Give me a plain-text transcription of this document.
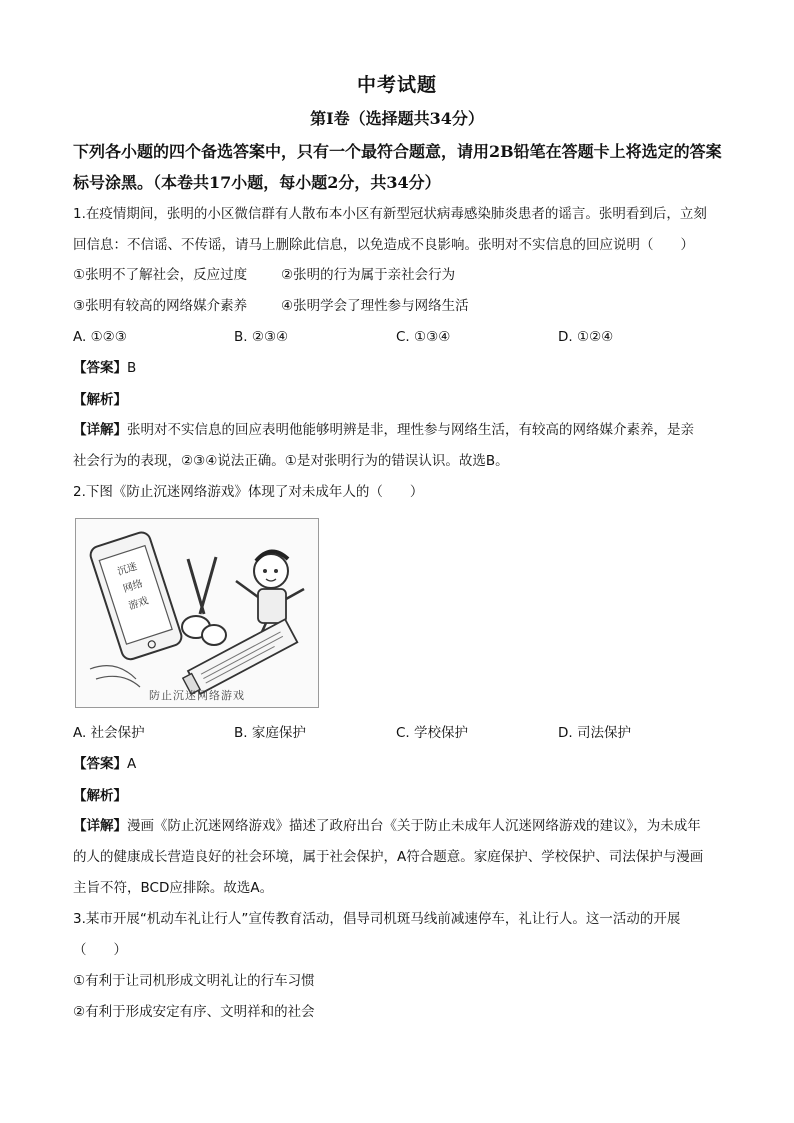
中考试题
第Ⅰ卷（选择题共34分）
下列各小题的四个备选答案中，只有一个最符合题意，请用2B铅笔在答题卡上将选定的答案
标号涂黑。（本卷共17小题，每小题2分，共34分）
1.在疫情期间，张明的小区微信群有人散布本小区有新型冠状病毒感染肺炎患者的谣言。张明看到后，立刻
回信息：不信谣、不传谣，请马上删除此信息，以免造成不良影响。张明对不实信息的回应说明（　　）
①张明不了解社会，反应过度	②张明的行为属于亲社会行为
③张明有较高的网络媒介素养	④张明学会了理性参与网络生活
A. ①②③	B. ②③④	C. ①③④	D. ①②④
【答案】B
【解析】
【详解】张明对不实信息的回应表明他能够明辨是非，理性参与网络生活，有较高的网络媒介素养，是亲
社会行为的表现，②③④说法正确。①是对张明行为的错误认识。故选B。
2.下图《防止沉迷网络游戏》体现了对未成年人的（　　）
沉迷
网络
游戏
防止沉迷网络游戏
A. 社会保护	B. 家庭保护	C. 学校保护	D. 司法保护
【答案】A
【解析】
【详解】漫画《防止沉迷网络游戏》描述了政府出台《关于防止未成年人沉迷网络游戏的建议》，为未成年
的人的健康成长营造良好的社会环境，属于社会保护，A符合题意。家庭保护、学校保护、司法保护与漫画
主旨不符，BCD应排除。故选A。
3.某市开展“机动车礼让行人”宣传教育活动，倡导司机斑马线前减速停车，礼让行人。这一活动的开展
（　　）
①有利于让司机形成文明礼让的行车习惯
②有利于形成安定有序、文明祥和的社会
